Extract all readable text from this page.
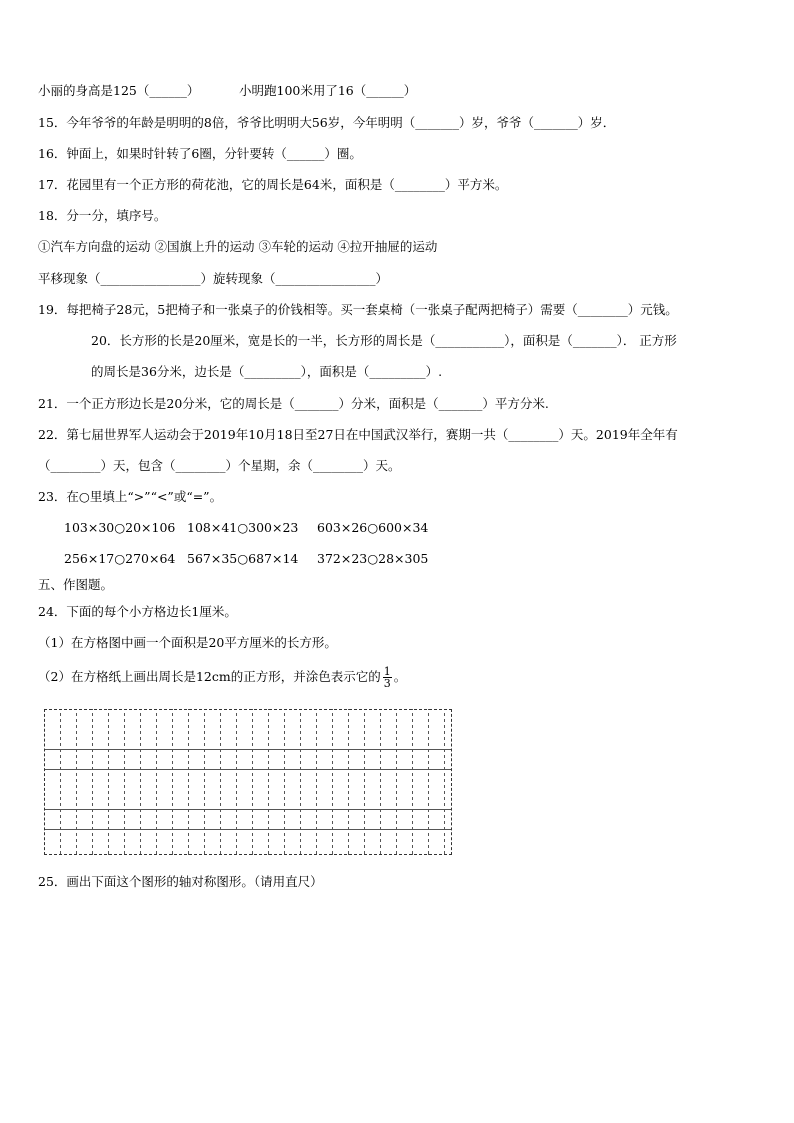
小丽的身高是125（______）	小明跑100米用了16（______）
15．今年爷爷的年龄是明明的8倍，爷爷比明明大56岁，今年明明（_______）岁，爷爷（_______）岁．
16．钟面上，如果时针转了6圈，分针要转（______）圈。
17．花园里有一个正方形的荷花池，它的周长是64米，面积是（________）平方米。
18．分一分，填序号。
①汽车方向盘的运动 ②国旗上升的运动 ③车轮的运动 ④拉开抽屉的运动
平移现象（________________）旋转现象（________________）
19．每把椅子28元，5把椅子和一张桌子的价钱相等。买一套桌椅（一张桌子配两把椅子）需要（________）元钱。
20．长方形的长是20厘米，宽是长的一半，长方形的周长是（___________），面积是（_______）． 正方形
的周长是36分米，边长是（_________），面积是（_________）.
21．一个正方形边长是20分米，它的周长是（_______）分米，面积是（_______）平方分米.
22．第七届世界军人运动会于2019年10月18日至27日在中国武汉举行，赛期一共（________）天。2019年全年有
（________）天，包含（________）个星期，余（________）天。
23．在○里填上“>”“<”或“=”。
103×30○20×106 108×41○300×23 603×26○600×34
256×17○270×64 567×35○687×14 372×23○28×305
五、作图题。
24．下面的每个小方格边长1厘米。
（1）在方格图中画一个面积是20平方厘米的长方形。
（2）在方格纸上画出周长是12cm的正方形，并涂色表示它的 $\frac{1}{3}$ 。
25．画出下面这个图形的轴对称图形。（请用直尺）
